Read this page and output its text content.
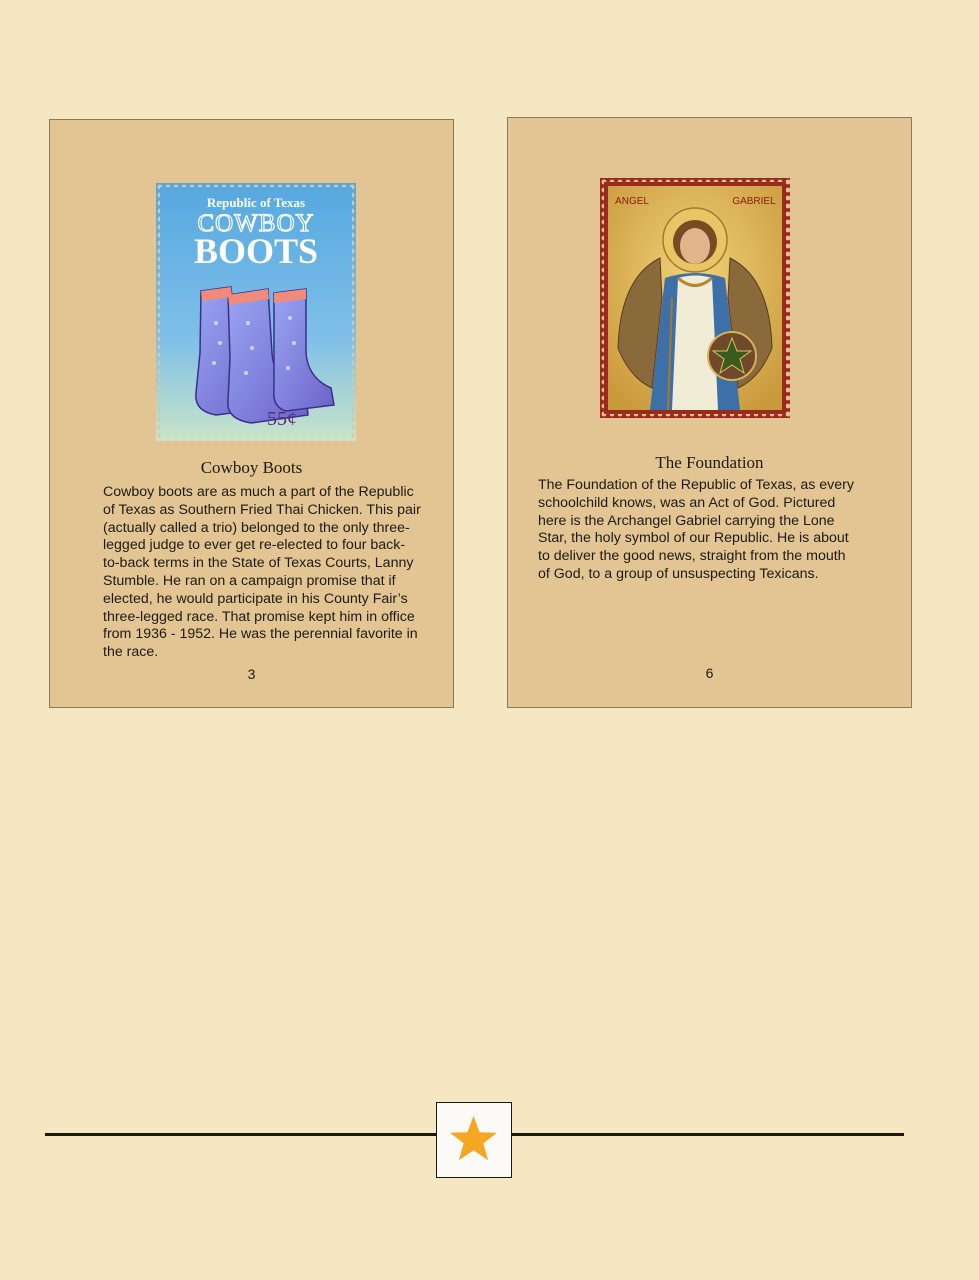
Republic of Texas
COWBOY
BOOTS
55¢
Cowboy Boots
Cowboy boots are as much a part of the Republic
of Texas as Southern Fried Thai Chicken. This pair
(actually called a trio) belonged to the only three-
legged judge to ever get re-elected to four back-
to-back terms in the State of Texas Courts, Lanny
Stumble. He ran on a campaign promise that if
elected, he would participate in his County Fair’s
three-legged race. That promise kept him in office
from 1936 - 1952. He was the perennial favorite in
the race.
3
ANGEL	GABRIEL
The Foundation
The Foundation of the Republic of Texas, as every
schoolchild knows, was an Act of God. Pictured
here is the Archangel Gabriel carrying the Lone
Star, the holy symbol of our Republic. He is about
to deliver the good news, straight from the mouth
of God, to a group of unsuspecting Texicans.
6
